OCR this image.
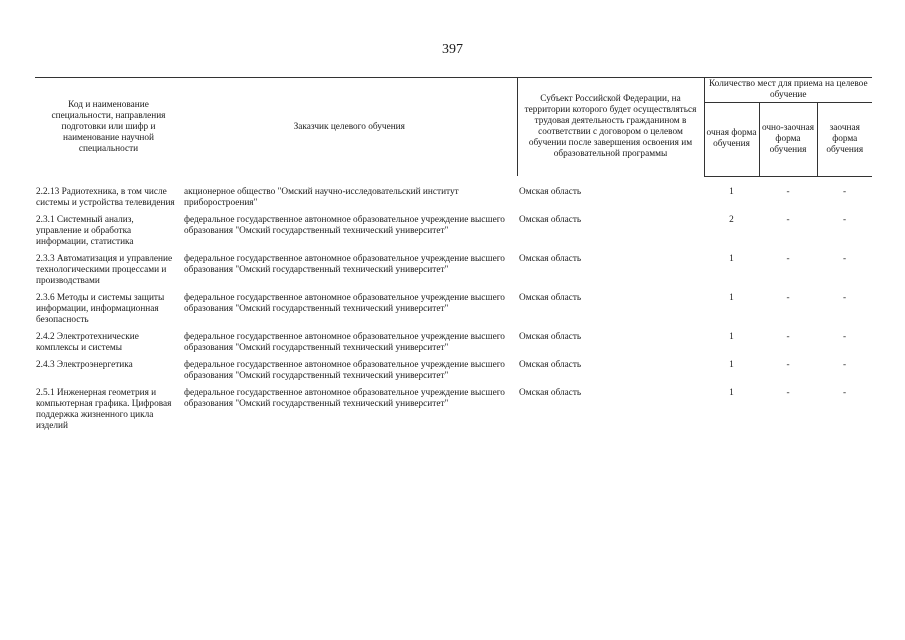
397
Код и наименование специальности, направления подготовки или шифр и наименование научной специальности	Заказчик целевого обучения	Субъект Российской Федерации, на территории которого будет осуществляться трудовая деятельность гражданином в соответствии с договором о целевом обучении после завершения освоения им образовательной программы	Количество мест для приема на целевое обучение		
			очная форма обучения	очно-заочная форма обучения	заочная форма обучения

2.2.13 Радиотехника, в том числе системы и устройства телевидения	акционерное общество "Омский научно-исследовательский институт приборостроения"	Омская область	1	-	-
2.3.1 Системный анализ, управление и обработка информации, статистика	федеральное государственное автономное образовательное учреждение высшего образования "Омский государственный технический университет"	Омская область	2	-	-
2.3.3 Автоматизация и управление технологическими процессами и производствами	федеральное государственное автономное образовательное учреждение высшего образования "Омский государственный технический университет"	Омская область	1	-	-
2.3.6 Методы и системы защиты информации, информационная безопасность	федеральное государственное автономное образовательное учреждение высшего образования "Омский государственный технический университет"	Омская область	1	-	-
2.4.2 Электротехнические комплексы и системы	федеральное государственное автономное образовательное учреждение высшего образования "Омский государственный технический университет"	Омская область	1	-	-
2.4.3 Электроэнергетика	федеральное государственное автономное образовательное учреждение высшего образования "Омский государственный технический университет"	Омская область	1	-	-
2.5.1 Инженерная геометрия и компьютерная графика. Цифровая поддержка жизненного цикла изделий	федеральное государственное автономное образовательное учреждение высшего образования "Омский государственный технический университет"	Омская область	1	-	-
